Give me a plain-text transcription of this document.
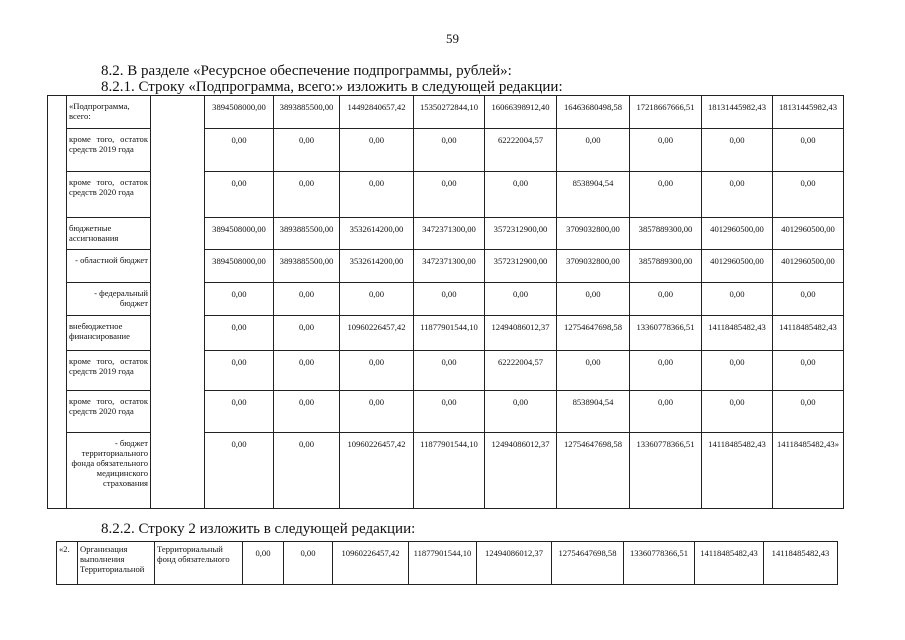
59
8.2. В разделе «Ресурсное обеспечение подпрограммы, рублей»:
8.2.1. Строку «Подпрограмма, всего:» изложить в следующей редакции:
	«Подпрограмма, всего:		3894508000,00	3893885500,00	14492840657,42	15350272844,10	16066398912,40	16463680498,58	17218667666,51	18131445982,43	18131445982,43
	кроме того, остаток средств 2019 года		0,00	0,00	0,00	0,00	62222004,57	0,00	0,00	0,00	0,00
	кроме того, остаток средств 2020 года		0,00	0,00	0,00	0,00	0,00	8538904,54	0,00	0,00	0,00
	бюджетные ассигнования		3894508000,00	3893885500,00	3532614200,00	3472371300,00	3572312900,00	3709032800,00	3857889300,00	4012960500,00	4012960500,00
	- областной бюджет		3894508000,00	3893885500,00	3532614200,00	3472371300,00	3572312900,00	3709032800,00	3857889300,00	4012960500,00	4012960500,00
	- федеральный бюджет		0,00	0,00	0,00	0,00	0,00	0,00	0,00	0,00	0,00
	внебюджетное финансирование		0,00	0,00	10960226457,42	11877901544,10	12494086012,37	12754647698,58	13360778366,51	14118485482,43	14118485482,43
	кроме того, остаток средств 2019 года		0,00	0,00	0,00	0,00	62222004,57	0,00	0,00	0,00	0,00
	кроме того, остаток средств 2020 года		0,00	0,00	0,00	0,00	0,00	8538904,54	0,00	0,00	0,00
	- бюджет территориального фонда обязательного медицинского страхования		0,00	0,00	10960226457,42	11877901544,10	12494086012,37	12754647698,58	13360778366,51	14118485482,43	14118485482,43»
8.2.2. Строку 2 изложить в следующей редакции:
«2.	Организация выполнения Территориальной	Территориальный фонд обязательного	0,00	0,00	10960226457,42	11877901544,10	12494086012,37	12754647698,58	13360778366,51	14118485482,43	14118485482,43
